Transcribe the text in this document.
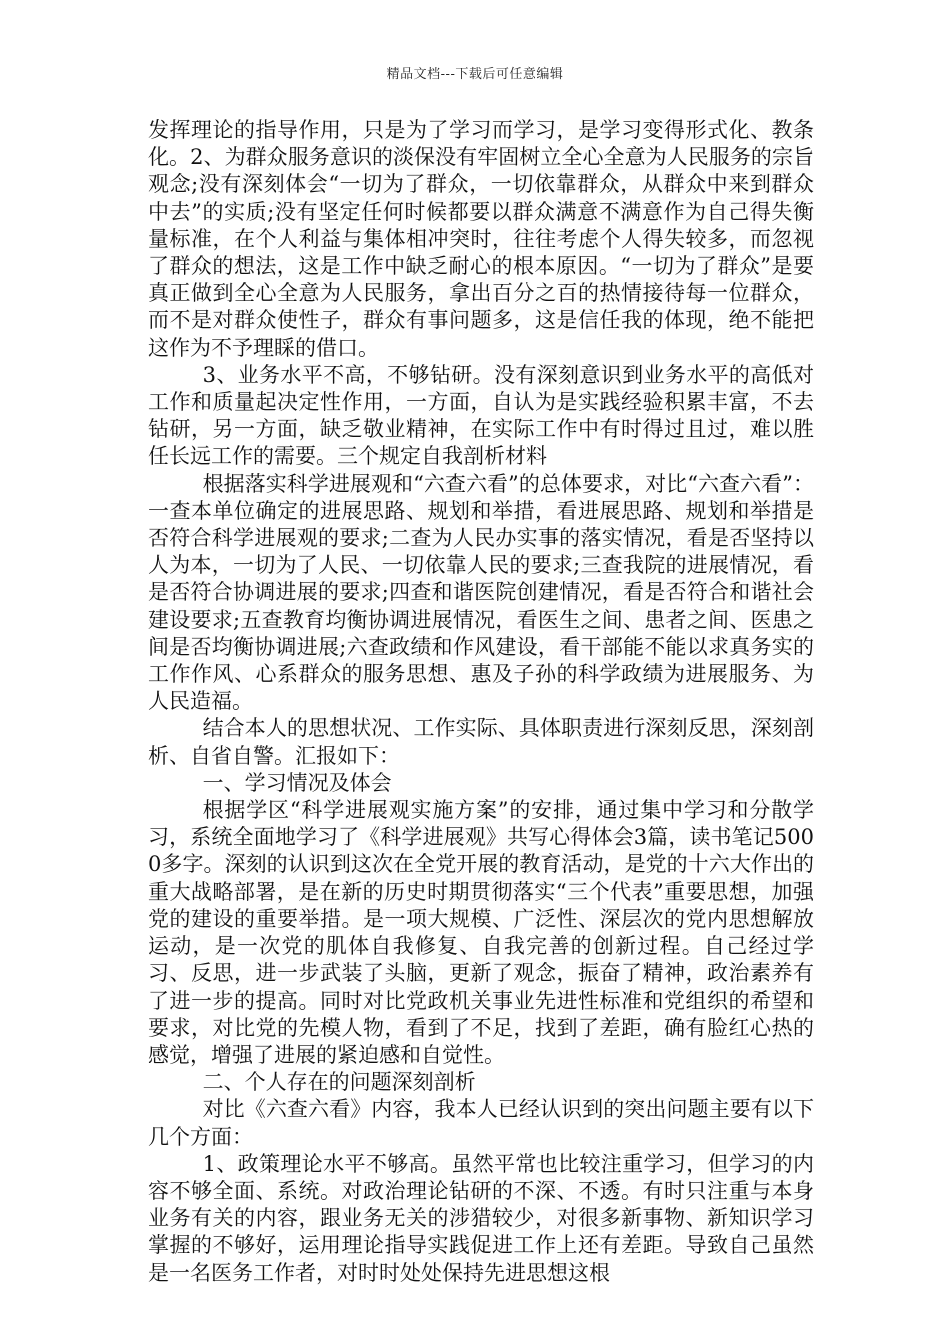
精品文档---下载后可任意编辑

发挥理论的指导作用，只是为了学习而学习，是学习变得形式化、教条化。2、为群众服务意识的淡保没有牢固树立全心全意为人民服务的宗旨观念;没有深刻体会“一切为了群众，一切依靠群众，从群众中来到群众中去”的实质;没有坚定任何时候都要以群众满意不满意作为自己得失衡量标准，在个人利益与集体相冲突时，往往考虑个人得失较多，而忽视了群众的想法，这是工作中缺乏耐心的根本原因。“一切为了群众”是要真正做到全心全意为人民服务，拿出百分之百的热情接待每一位群众，而不是对群众使性子，群众有事问题多，这是信任我的体现，绝不能把这作为不予理睬的借口。

3、业务水平不高，不够钻研。没有深刻意识到业务水平的高低对工作和质量起决定性作用，一方面，自认为是实践经验积累丰富，不去钻研，另一方面，缺乏敬业精神，在实际工作中有时得过且过，难以胜任长远工作的需要。三个规定自我剖析材料

根据落实科学进展观和“六查六看”的总体要求，对比“六查六看”：一查本单位确定的进展思路、规划和举措，看进展思路、规划和举措是否符合科学进展观的要求;二查为人民办实事的落实情况，看是否坚持以人为本，一切为了人民、一切依靠人民的要求;三查我院的进展情况，看是否符合协调进展的要求;四查和谐医院创建情况，看是否符合和谐社会建设要求;五查教育均衡协调进展情况，看医生之间、患者之间、医患之间是否均衡协调进展;六查政绩和作风建设，看干部能不能以求真务实的工作作风、心系群众的服务思想、惠及子孙的科学政绩为进展服务、为人民造福。

结合本人的思想状况、工作实际、具体职责进行深刻反思，深刻剖析、自省自警。汇报如下：

一、学习情况及体会

根据学区“科学进展观实施方案”的安排，通过集中学习和分散学习，系统全面地学习了《科学进展观》共写心得体会3篇，读书笔记5000多字。深刻的认识到这次在全党开展的教育活动，是党的十六大作出的重大战略部署，是在新的历史时期贯彻落实“三个代表”重要思想，加强党的建设的重要举措。是一项大规模、广泛性、深层次的党内思想解放运动，是一次党的肌体自我修复、自我完善的创新过程。自己经过学习、反思，进一步武装了头脑，更新了观念，振奋了精神，政治素养有了进一步的提高。同时对比党政机关事业先进性标准和党组织的希望和要求，对比党的先模人物，看到了不足，找到了差距，确有脸红心热的感觉，增强了进展的紧迫感和自觉性。

二、个人存在的问题深刻剖析

对比《六查六看》内容，我本人已经认识到的突出问题主要有以下几个方面：

1、政策理论水平不够高。虽然平常也比较注重学习，但学习的内容不够全面、系统。对政治理论钻研的不深、不透。有时只注重与本身业务有关的内容，跟业务无关的涉猎较少，对很多新事物、新知识学习掌握的不够好，运用理论指导实践促进工作上还有差距。导致自己虽然是一名医务工作者，对时时处处保持先进思想这根
